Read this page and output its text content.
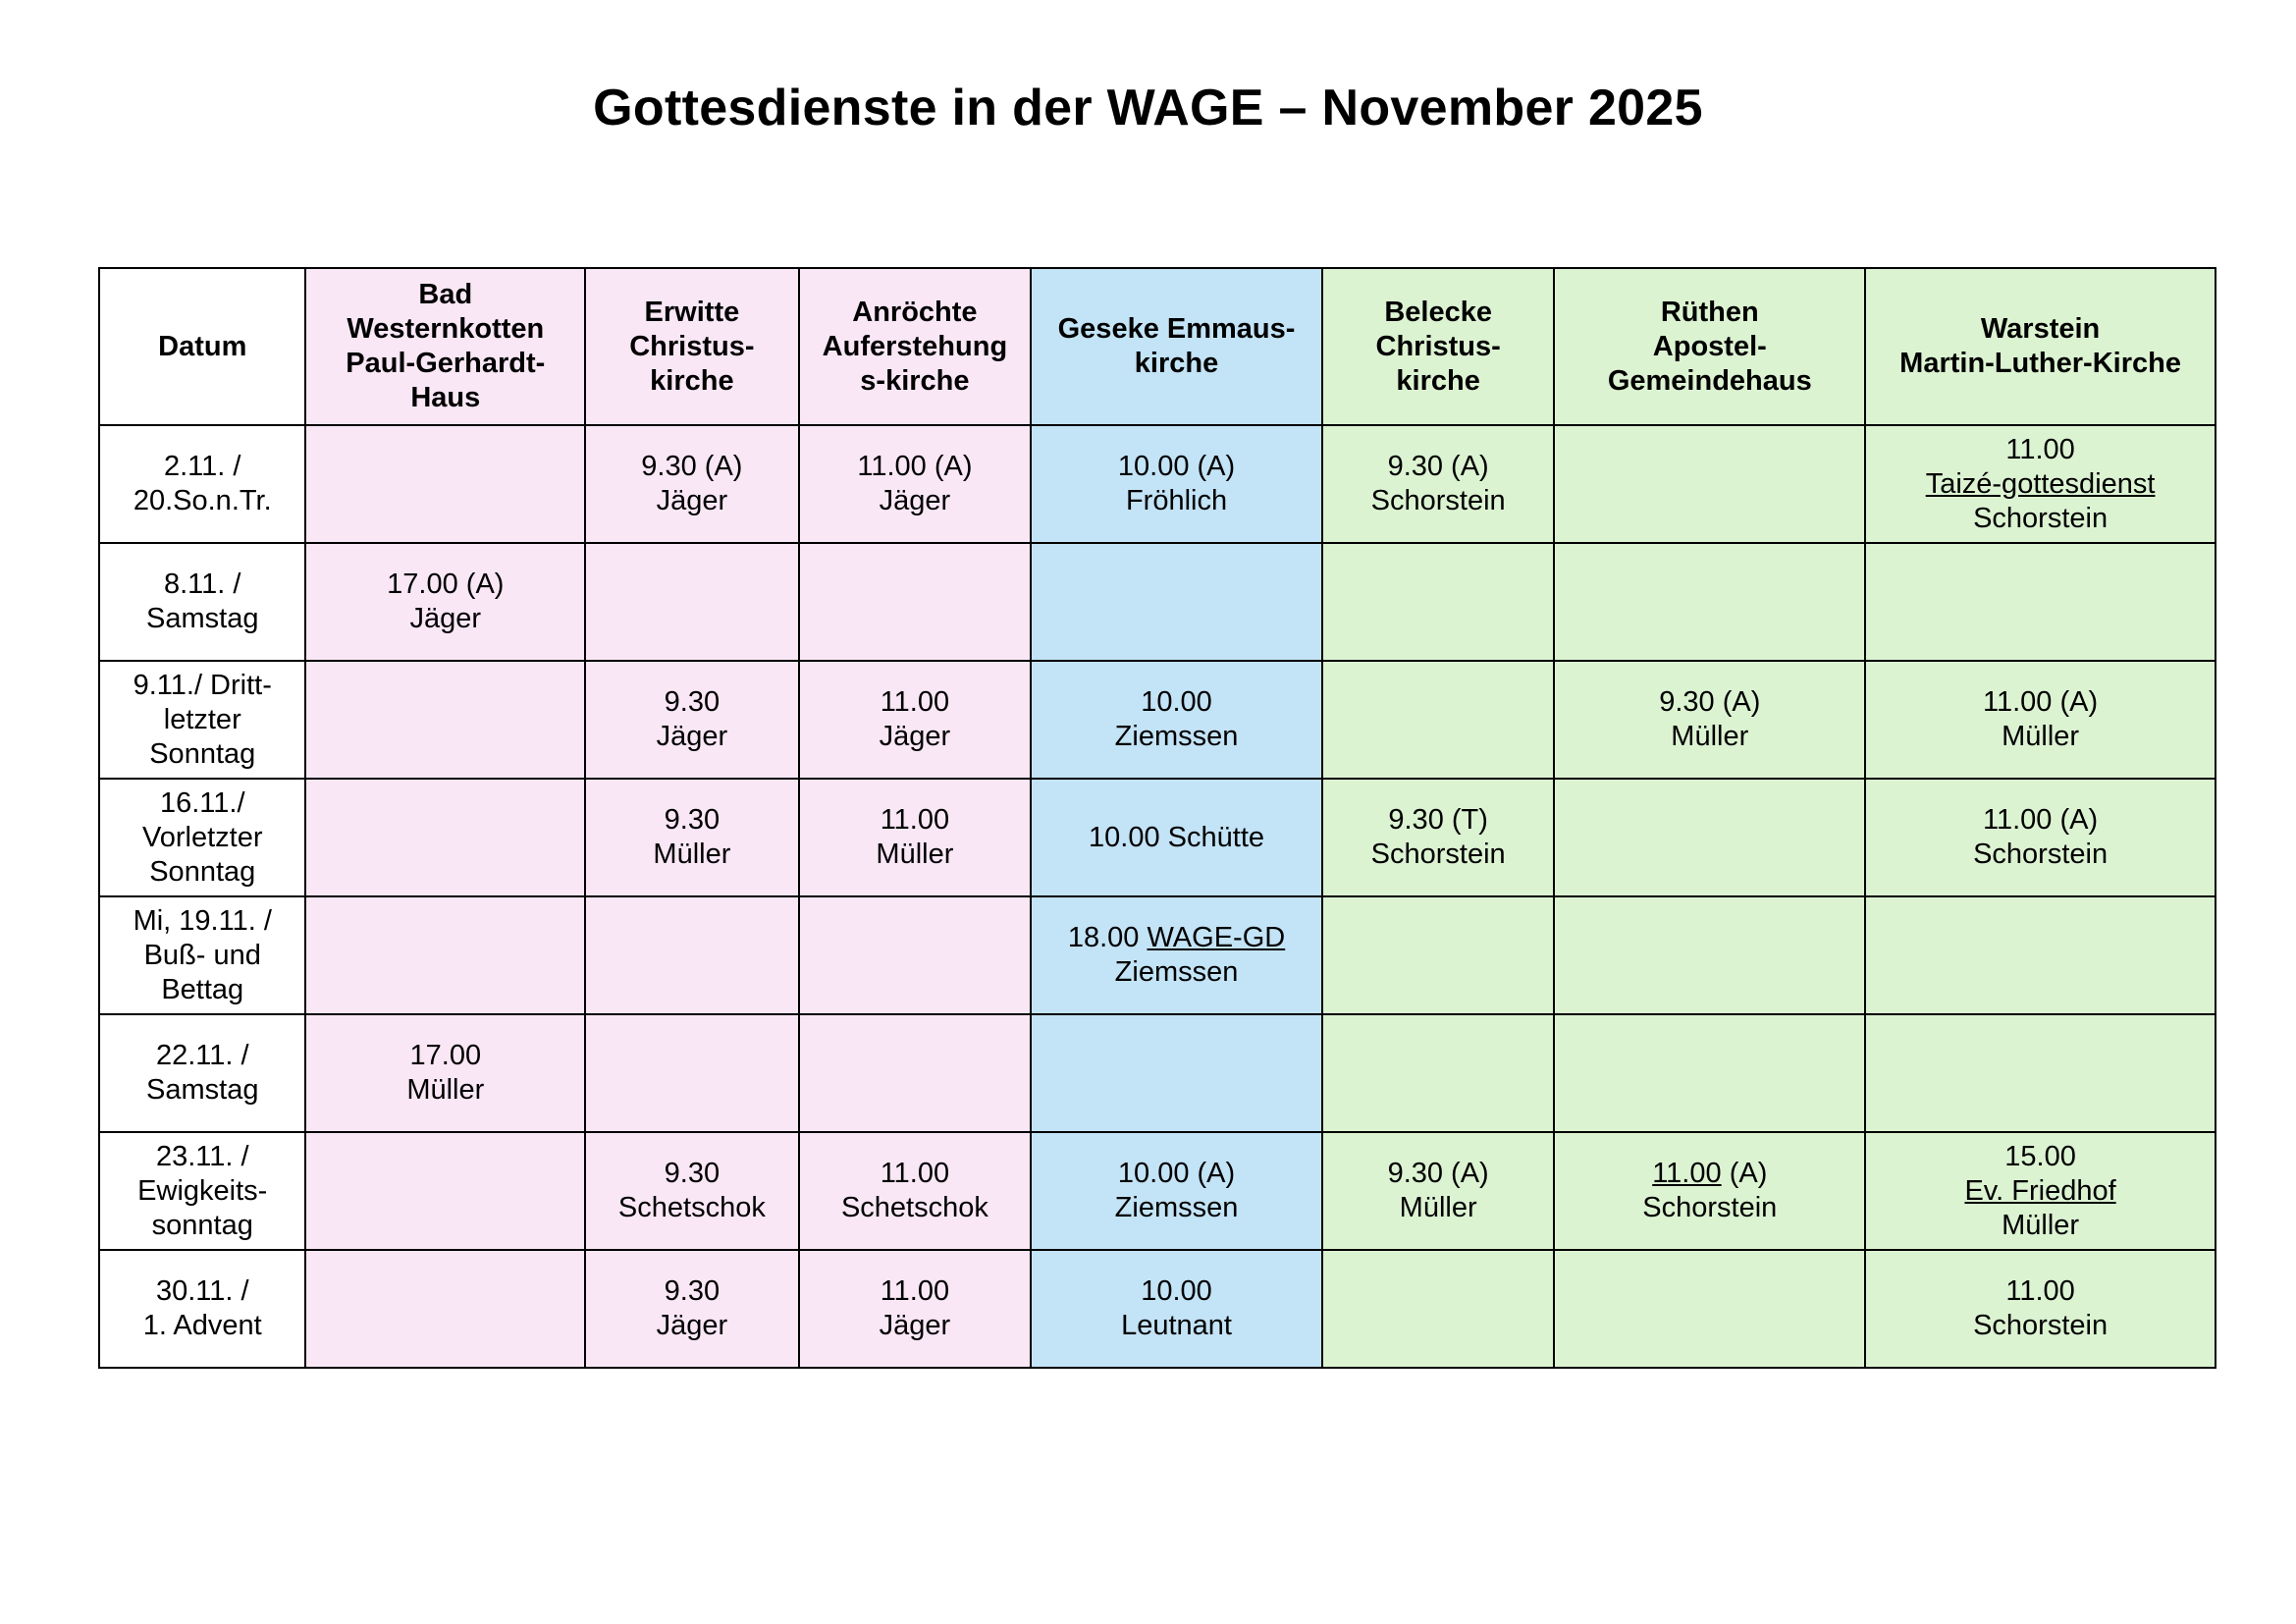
Gottesdienste in der WAGE – November 2025
Datum	Bad
Westernkotten
Paul-Gerhardt-
Haus	Erwitte
Christus-
kirche	Anröchte
Auferstehung
s-kirche	Geseke Emmaus-
kirche	Belecke
Christus-
kirche	Rüthen
Apostel-
Gemeindehaus	Warstein
Martin-Luther-Kirche

2.11. /
20.So.n.Tr.		9.30 (A)
Jäger	11.00 (A)
Jäger	10.00 (A)
Fröhlich	9.30 (A)
Schorstein		11.00
Taizé-gottesdienst
Schorstein

8.11. /
Samstag	17.00 (A)
Jäger						

9.11./ Dritt-
letzter
Sonntag		9.30
Jäger	11.00
Jäger	10.00
Ziemssen		9.30 (A)
Müller	11.00 (A)
Müller

16.11./
Vorletzter
Sonntag		9.30
Müller	11.00
Müller	10.00 Schütte	9.30 (T)
Schorstein		11.00 (A)
Schorstein

Mi, 19.11. /
Buß- und
Bettag				18.00 WAGE-GD
Ziemssen			

22.11. /
Samstag	17.00
Müller						

23.11. /
Ewigkeits-
sonntag		9.30
Schetschok	11.00
Schetschok	10.00 (A)
Ziemssen	9.30 (A)
Müller	11.00 (A)
Schorstein	15.00
Ev. Friedhof
Müller

30.11. /
1. Advent		9.30
Jäger	11.00
Jäger	10.00
Leutnant			11.00
Schorstein
